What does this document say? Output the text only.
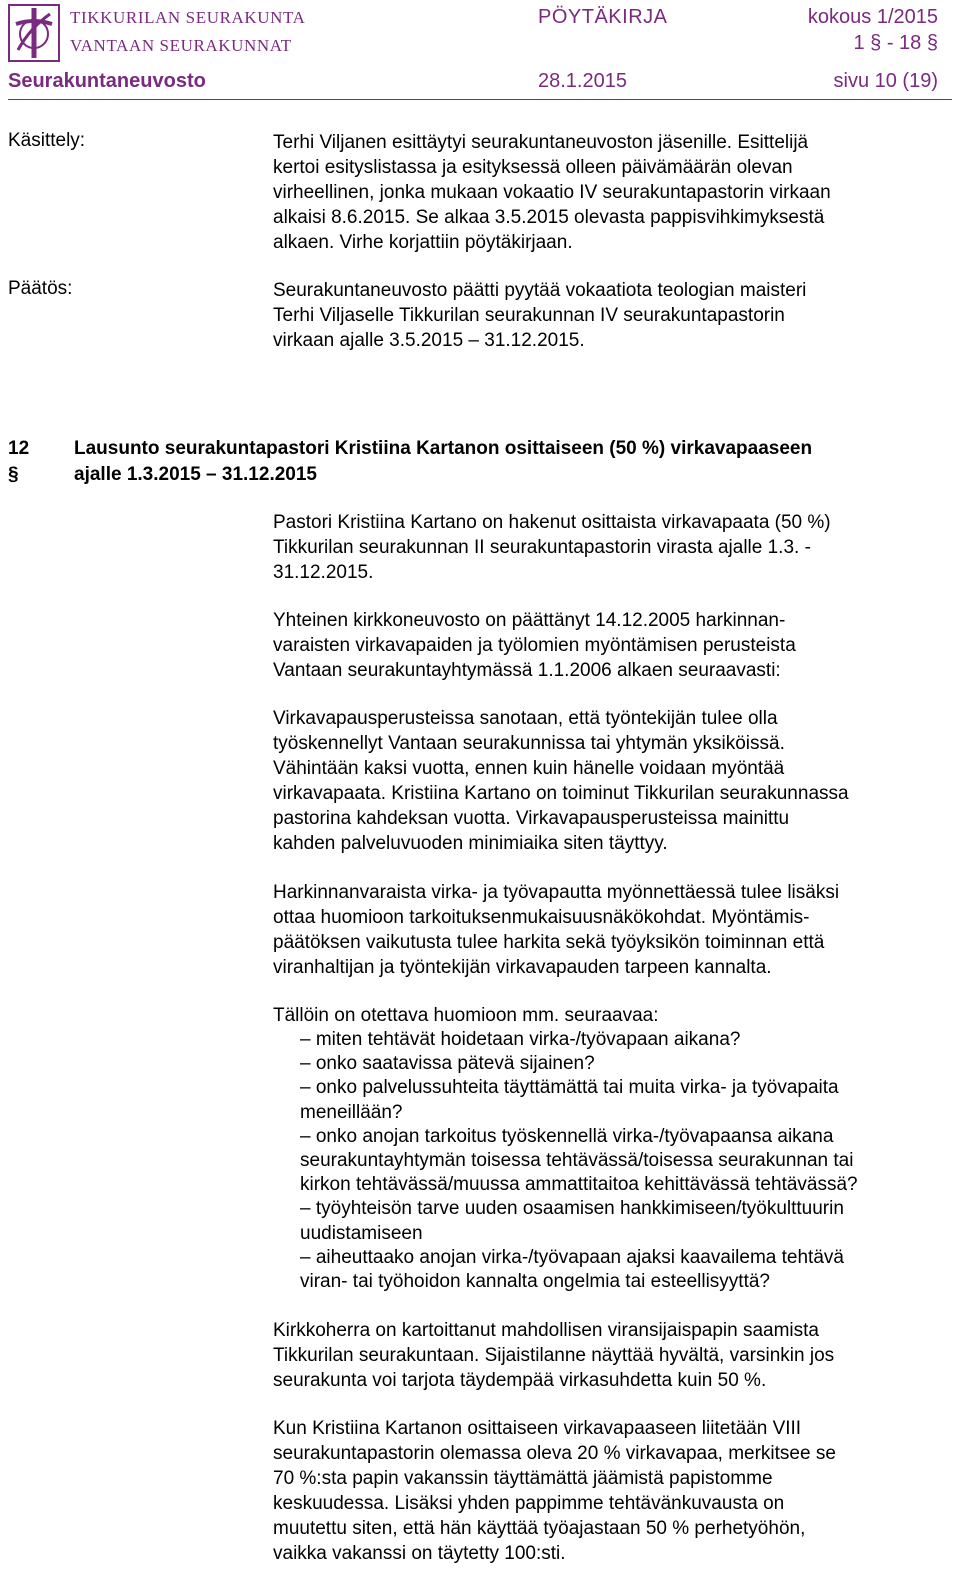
TIKKURILAN SEURAKUNTA
VANTAAN SEURAKUNNAT
PÖYTÄKIRJA	kokous 1/2015
1 § - 18 §
Seurakuntaneuvosto	28.1.2015	sivu 10 (19)
Käsittely:	Terhi Viljanen esittäytyi seurakuntaneuvoston jäsenille. Esittelijä
kertoi esityslistassa ja esityksessä olleen päivämäärän olevan
virheellinen, jonka mukaan vokaatio IV seurakuntapastorin virkaan
alkaisi 8.6.2015. Se alkaa 3.5.2015 olevasta pappisvihkimyksestä
alkaen. Virhe korjattiin pöytäkirjaan.
Päätös:	Seurakuntaneuvosto päätti pyytää vokaatiota teologian maisteri
Terhi Viljaselle Tikkurilan seurakunnan IV seurakuntapastorin
virkaan ajalle 3.5.2015 – 31.12.2015.
12 §
Lausunto seurakuntapastori Kristiina Kartanon osittaiseen (50 %) virkavapaaseen
ajalle 1.3.2015 – 31.12.2015
Pastori Kristiina Kartano on hakenut osittaista virkavapaata (50 %)
Tikkurilan seurakunnan II seurakuntapastorin virasta ajalle 1.3. -
31.12.2015.
Yhteinen kirkkoneuvosto on päättänyt 14.12.2005 harkinnan-
varaisten virkavapaiden ja työlomien myöntämisen perusteista
Vantaan seurakuntayhtymässä 1.1.2006 alkaen seuraavasti:
Virkavapausperusteissa sanotaan, että työntekijän tulee olla
työskennellyt Vantaan seurakunnissa tai yhtymän yksiköissä.
Vähintään kaksi vuotta, ennen kuin hänelle voidaan myöntää
virkavapaata. Kristiina Kartano on toiminut Tikkurilan seurakunnassa
pastorina kahdeksan vuotta. Virkavapausperusteissa mainittu
kahden palveluvuoden minimiaika siten täyttyy.
Harkinnanvaraista virka- ja työvapautta myönnettäessä tulee lisäksi
ottaa huomioon tarkoituksenmukaisuusnäkökohdat. Myöntämis-
päätöksen vaikutusta tulee harkita sekä työyksikön toiminnan että
viranhaltijan ja työntekijän virkavapauden tarpeen kannalta.
Tällöin on otettava huomioon mm. seuraavaa:
– miten tehtävät hoidetaan virka-/työvapaan aikana?
– onko saatavissa pätevä sijainen?
– onko palvelussuhteita täyttämättä tai muita virka- ja työvapaita
meneillään?
– onko anojan tarkoitus työskennellä virka-/työvapaansa aikana
seurakuntayhtymän toisessa tehtävässä/toisessa seurakunnan tai
kirkon tehtävässä/muussa ammattitaitoa kehittävässä tehtävässä?
– työyhteisön tarve uuden osaamisen hankkimiseen/työkulttuurin
uudistamiseen
– aiheuttaako anojan virka-/työvapaan ajaksi kaavailema tehtävä
viran- tai työhoidon kannalta ongelmia tai esteellisyyttä?
Kirkkoherra on kartoittanut mahdollisen viransijaispapin saamista
Tikkurilan seurakuntaan. Sijaistilanne näyttää hyvältä, varsinkin jos
seurakunta voi tarjota täydempää virkasuhdetta kuin 50 %.
Kun Kristiina Kartanon osittaiseen virkavapaaseen liitetään VIII
seurakuntapastorin olemassa oleva 20 % virkavapaa, merkitsee se
70 %:sta papin vakanssin täyttämättä jäämistä papistomme
keskuudessa. Lisäksi yhden pappimme tehtävänkuvausta on
muutettu siten, että hän käyttää työajastaan 50 % perhetyöhön,
vaikka vakanssi on täytetty 100:sti.
